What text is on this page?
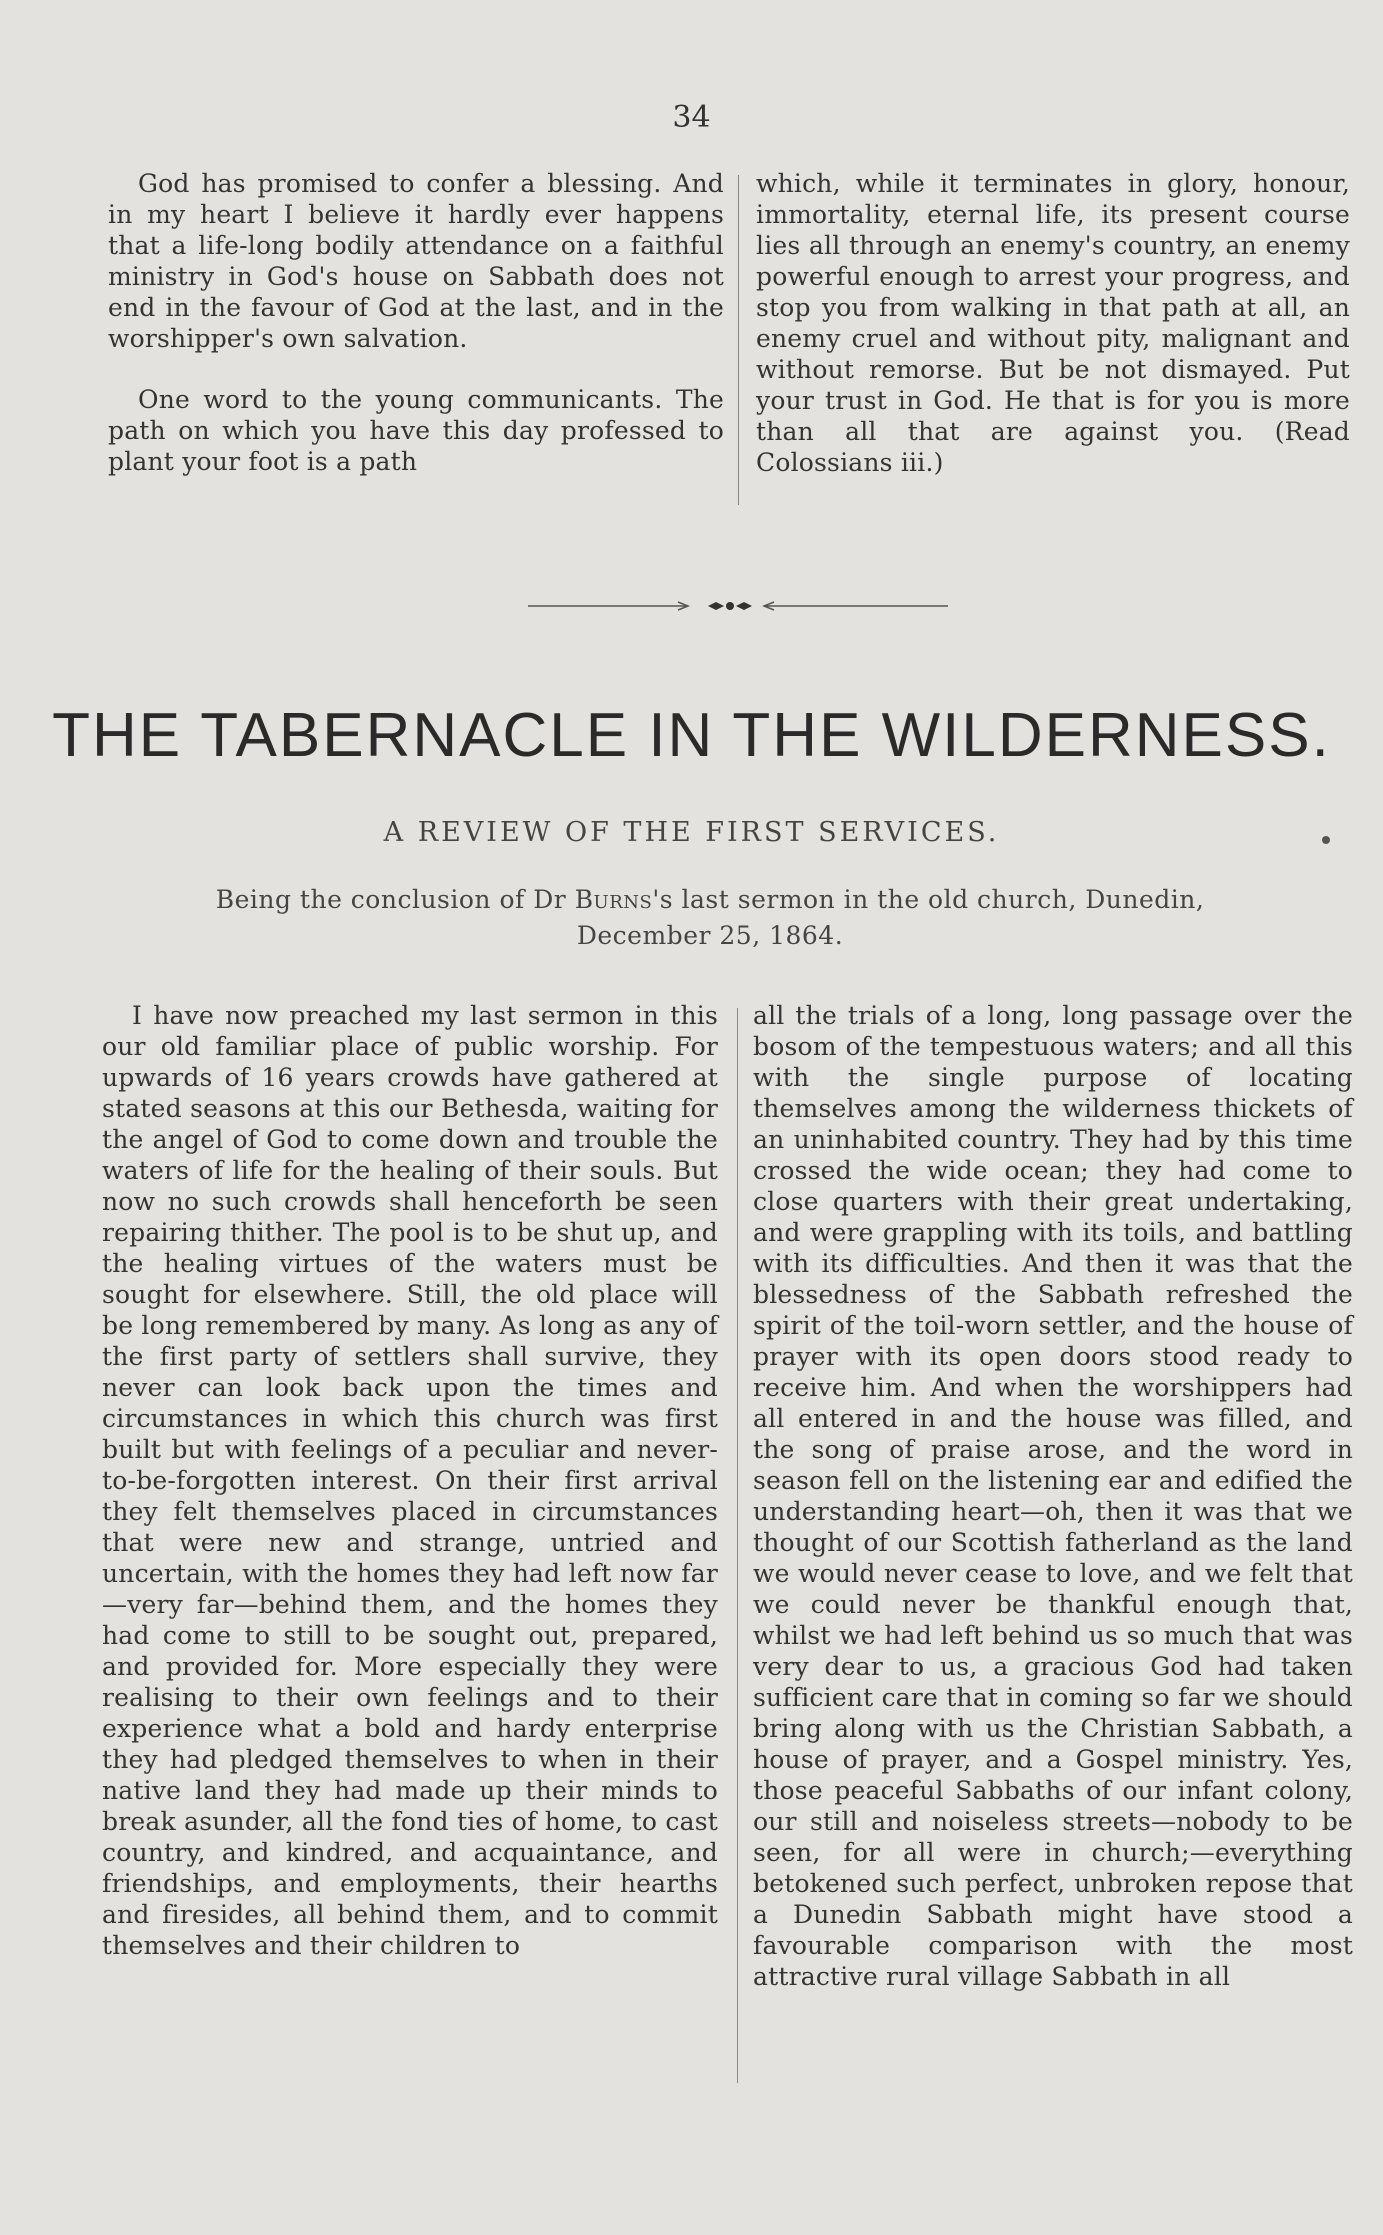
34

God has promised to confer a blessing. And in my heart I believe it hardly ever happens that a life-long bodily attendance on a faithful ministry in God's house on Sabbath does not end in the favour of God at the last, and in the worshipper's own salvation.

One word to the young communicants. The path on which you have this day professed to plant your foot is a path

which, while it terminates in glory, honour, immortality, eternal life, its present course lies all through an enemy's country, an enemy powerful enough to arrest your progress, and stop you from walking in that path at all, an enemy cruel and without pity, malignant and without remorse. But be not dismayed. Put your trust in God. He that is for you is more than all that are against you. (Read Colossians iii.)

THE TABERNACLE IN THE WILDERNESS.
A REVIEW OF THE FIRST SERVICES.
Being the conclusion of Dr Burns's last sermon in the old church, Dunedin,
December 25, 1864.

I have now preached my last sermon in this our old familiar place of public worship. For upwards of 16 years crowds have gathered at stated seasons at this our Bethesda, waiting for the angel of God to come down and trouble the waters of life for the healing of their souls. But now no such crowds shall henceforth be seen repairing thither. The pool is to be shut up, and the healing virtues of the waters must be sought for elsewhere. Still, the old place will be long remembered by many. As long as any of the first party of settlers shall survive, they never can look back upon the times and circumstances in which this church was first built but with feelings of a peculiar and never-to-be-forgotten interest. On their first arrival they felt themselves placed in circumstances that were new and strange, untried and uncertain, with the homes they had left now far—very far—behind them, and the homes they had come to still to be sought out, prepared, and provided for. More especially they were realising to their own feelings and to their experience what a bold and hardy enterprise they had pledged themselves to when in their native land they had made up their minds to break asunder, all the fond ties of home, to cast country, and kindred, and acquaintance, and friendships, and employments, their hearths and firesides, all behind them, and to commit themselves and their children to

all the trials of a long, long passage over the bosom of the tempestuous waters; and all this with the single purpose of locating themselves among the wilderness thickets of an uninhabited country. They had by this time crossed the wide ocean; they had come to close quarters with their great undertaking, and were grappling with its toils, and battling with its difficulties. And then it was that the blessedness of the Sabbath refreshed the spirit of the toil-worn settler, and the house of prayer with its open doors stood ready to receive him. And when the worshippers had all entered in and the house was filled, and the song of praise arose, and the word in season fell on the listening ear and edified the understanding heart—oh, then it was that we thought of our Scottish fatherland as the land we would never cease to love, and we felt that we could never be thankful enough that, whilst we had left behind us so much that was very dear to us, a gracious God had taken sufficient care that in coming so far we should bring along with us the Christian Sabbath, a house of prayer, and a Gospel ministry. Yes, those peaceful Sabbaths of our infant colony, our still and noiseless streets—nobody to be seen, for all were in church;—everything betokened such perfect, unbroken repose that a Dunedin Sabbath might have stood a favourable comparison with the most attractive rural village Sabbath in all
